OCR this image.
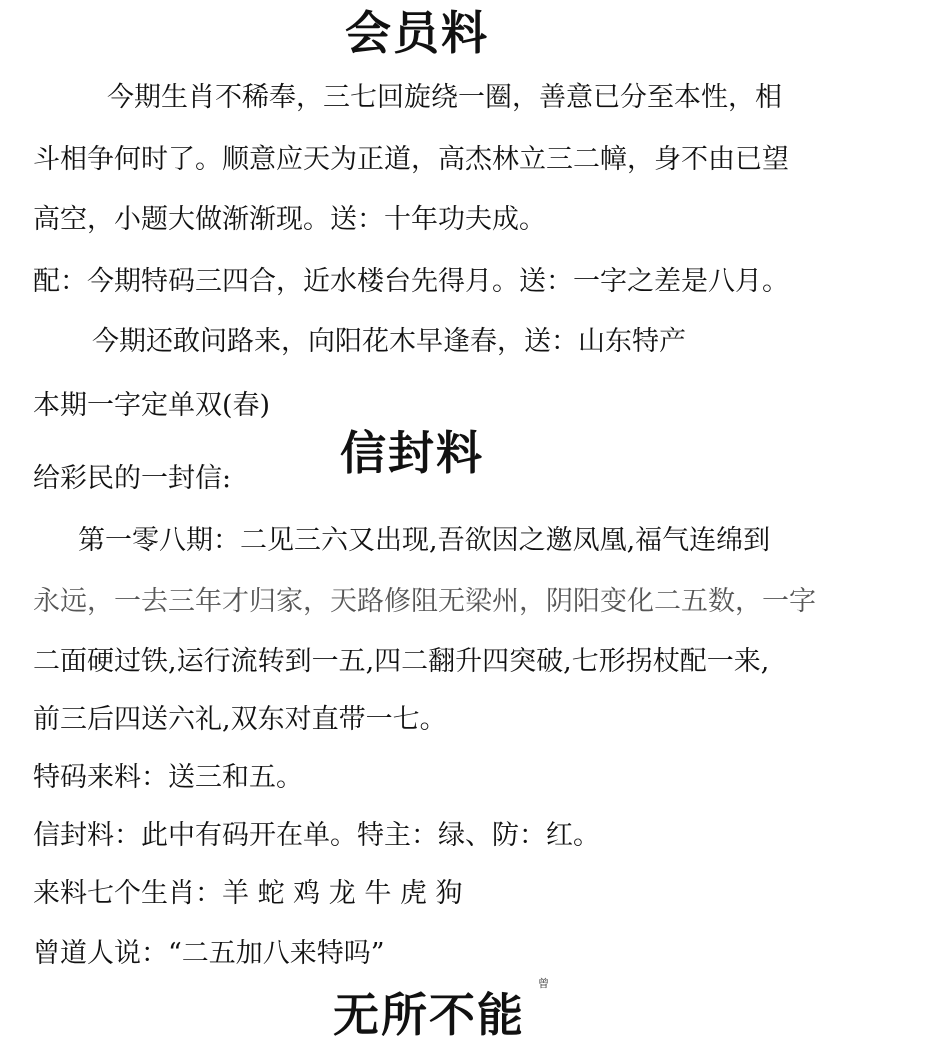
会员料
今期生肖不稀奉，三七回旋绕一圈，善意已分至本性，相
斗相争何时了。顺意应天为正道，高杰林立三二幛，身不由已望
高空，小题大做渐渐现。送：十年功夫成。
配：今期特码三四合，近水楼台先得月。送：一字之差是八月。
今期还敢问路来，向阳花木早逢春，送：山东特产
本期一字定单双(春)
信封料
给彩民的一封信:
第一零八期：二见三六又出现,吾欲因之邀凤凰,福气连绵到
永远，一去三年才归家，天路修阻无梁州，阴阳变化二五数，一字
二面硬过铁,运行流转到一五,四二翻升四突破,七形拐杖配一来,
前三后四送六礼,双东对直带一七。
特码来料：送三和五。
信封料：此中有码开在单。特主：绿、防：红。
来料七个生肖：羊 蛇 鸡 龙 牛 虎 狗
曾道人说：“二五加八来特吗”
无所不能
曾
